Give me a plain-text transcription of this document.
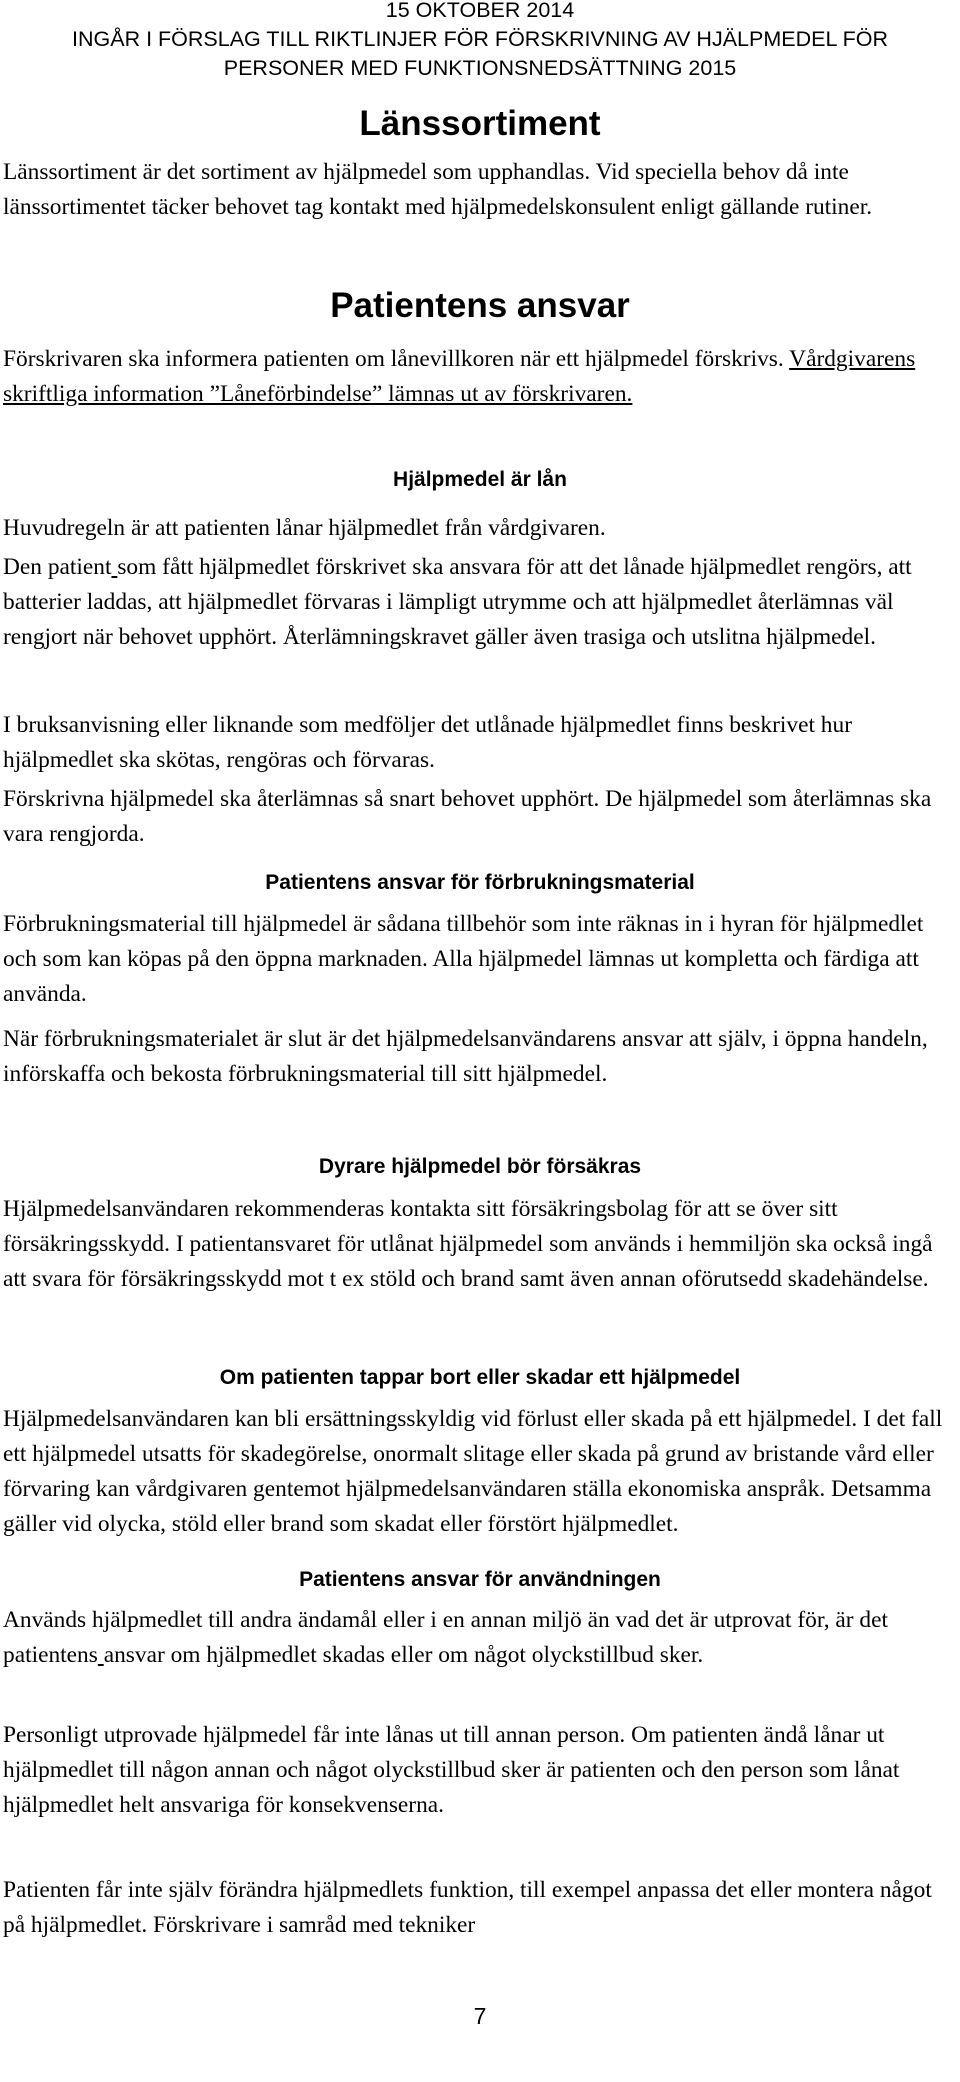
15 OKTOBER 2014
INGÅR I FÖRSLAG TILL RIKTLINJER FÖR FÖRSKRIVNING AV HJÄLPMEDEL FÖR
PERSONER MED FUNKTIONSNEDSÄTTNING 2015
Länssortiment

Länssortiment är det sortiment av hjälpmedel som upphandlas. Vid speciella behov då inte länssortimentet täcker behovet tag kontakt med hjälpmedelskonsulent enligt gällande rutiner.

Patientens ansvar

Förskrivaren ska informera patienten om lånevillkoren när ett hjälpmedel förskrivs. Vårdgivarens skriftliga information ”Låneförbindelse” lämnas ut av förskrivaren.

Hjälpmedel är lån

Huvudregeln är att patienten lånar hjälpmedlet från vårdgivaren.

Den patient som fått hjälpmedlet förskrivet ska ansvara för att det lånade hjälpmedlet rengörs, att batterier laddas, att hjälpmedlet förvaras i lämpligt utrymme och att hjälpmedlet återlämnas väl rengjort när behovet upphört. Återlämningskravet gäller även trasiga och utslitna hjälpmedel.

I bruksanvisning eller liknande som medföljer det utlånade hjälpmedlet finns beskrivet hur hjälpmedlet ska skötas, rengöras och förvaras.

Förskrivna hjälpmedel ska återlämnas så snart behovet upphört. De hjälpmedel som återlämnas ska vara rengjorda.

Patientens ansvar för förbrukningsmaterial

Förbrukningsmaterial till hjälpmedel är sådana tillbehör som inte räknas in i hyran för hjälpmedlet och som kan köpas på den öppna marknaden. Alla hjälpmedel lämnas ut kompletta och färdiga att använda.

När förbrukningsmaterialet är slut är det hjälpmedelsanvändarens ansvar att själv, i öppna handeln, införskaffa och bekosta förbrukningsmaterial till sitt hjälpmedel.

Dyrare hjälpmedel bör försäkras

Hjälpmedelsanvändaren rekommenderas kontakta sitt försäkringsbolag för att se över sitt försäkringsskydd. I patientansvaret för utlånat hjälpmedel som används i hemmiljön ska också ingå att svara för försäkringsskydd mot t ex stöld och brand samt även annan oförutsedd skadehändelse.

Om patienten tappar bort eller skadar ett hjälpmedel

Hjälpmedelsanvändaren kan bli ersättningsskyldig vid förlust eller skada på ett hjälpmedel. I det fall ett hjälpmedel utsatts för skadegörelse, onormalt slitage eller skada på grund av bristande vård eller förvaring kan vårdgivaren gentemot hjälpmedelsanvändaren ställa ekonomiska anspråk. Detsamma gäller vid olycka, stöld eller brand som skadat eller förstört hjälpmedlet.

Patientens ansvar för användningen

Används hjälpmedlet till andra ändamål eller i en annan miljö än vad det är utprovat för, är det patientens ansvar om hjälpmedlet skadas eller om något olyckstillbud sker.

Personligt utprovade hjälpmedel får inte lånas ut till annan person. Om patienten ändå lånar ut hjälpmedlet till någon annan och något olyckstillbud sker är patienten och den person som lånat hjälpmedlet helt ansvariga för konsekvenserna.

Patienten får inte själv förändra hjälpmedlets funktion, till exempel anpassa det eller montera något på hjälpmedlet. Förskrivare i samråd med tekniker

7
